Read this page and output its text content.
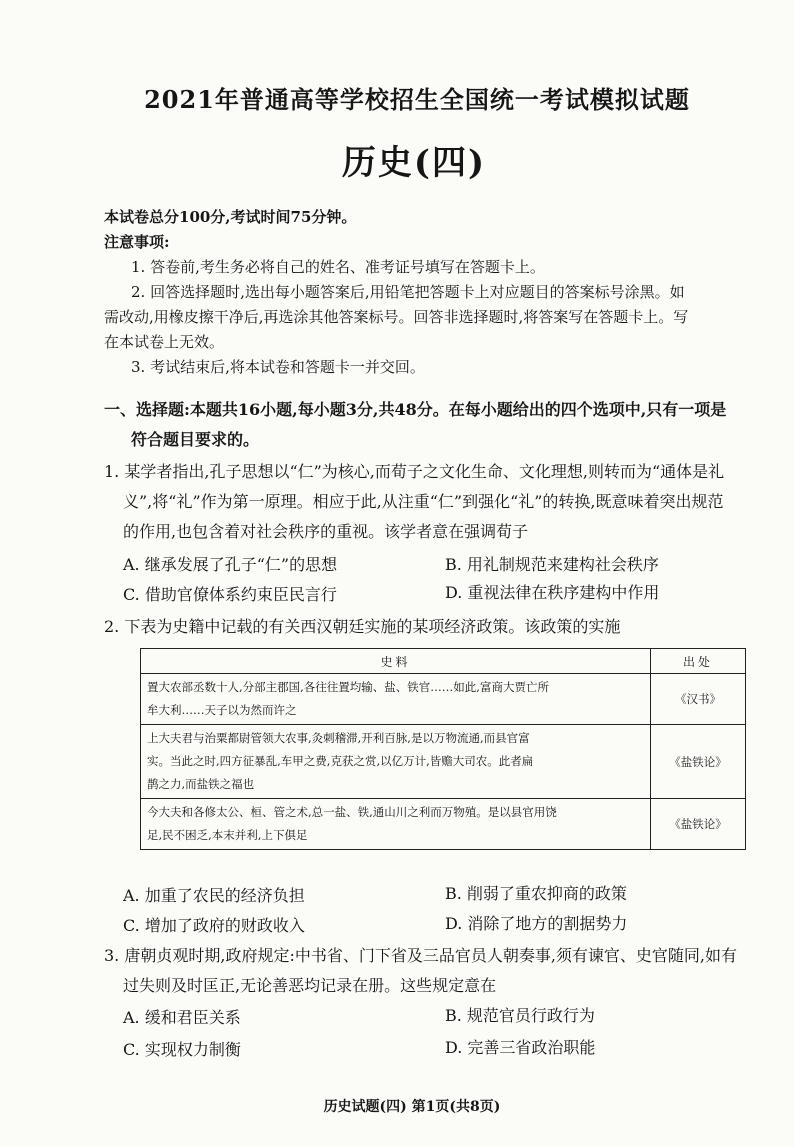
2021年普通高等学校招生全国统一考试模拟试题
历史(四)
本试卷总分100分,考试时间75分钟。
注意事项:
1. 答卷前,考生务必将自己的姓名、准考证号填写在答题卡上。
2. 回答选择题时,选出每小题答案后,用铅笔把答题卡上对应题目的答案标号涂黑。如
需改动,用橡皮擦干净后,再选涂其他答案标号。回答非选择题时,将答案写在答题卡上。写
在本试卷上无效。
3. 考试结束后,将本试卷和答题卡一并交回。
一、选择题:本题共16小题,每小题3分,共48分。在每小题给出的四个选项中,只有一项是
符合题目要求的。
1. 某学者指出,孔子思想以“仁”为核心,而荀子之文化生命、文化理想,则转而为“通体是礼
义”,将“礼”作为第一原理。相应于此,从注重“仁”到强化“礼”的转换,既意味着突出规范
的作用,也包含着对社会秩序的重视。该学者意在强调荀子
A. 继承发展了孔子“仁”的思想	B. 用礼制规范来建构社会秩序
C. 借助官僚体系约束臣民言行	D. 重视法律在秩序建构中作用
2. 下表为史籍中记载的有关西汉朝廷实施的某项经济政策。该政策的实施
史料	出处

置大农部丞数十人,分部主郡国,各往往置均输、盐、铁官……如此,富商大贾亡所
牟大利……天子以为然而许之	《汉书》

上大夫君与治粟都尉管领大农事,灸刺稽滞,开利百脉,是以万物流通,而县官富
实。当此之时,四方征暴乱,车甲之费,克获之赏,以亿万计,皆赡大司农。此者扁
鹊之力,而盐铁之福也	《盐铁论》

今大夫和各修太公、桓、管之术,总一盐、铁,通山川之利而万物殖。是以县官用饶
足,民不困乏,本末并利,上下俱足	《盐铁论》
A. 加重了农民的经济负担	B. 削弱了重农抑商的政策
C. 增加了政府的财政收入	D. 消除了地方的割据势力
3. 唐朝贞观时期,政府规定:中书省、门下省及三品官员人朝奏事,须有谏官、史官随同,如有
过失则及时匡正,无论善恶均记录在册。这些规定意在
A. 缓和君臣关系	B. 规范官员行政行为
C. 实现权力制衡	D. 完善三省政治职能
历史试题(四) 第1页(共8页)
